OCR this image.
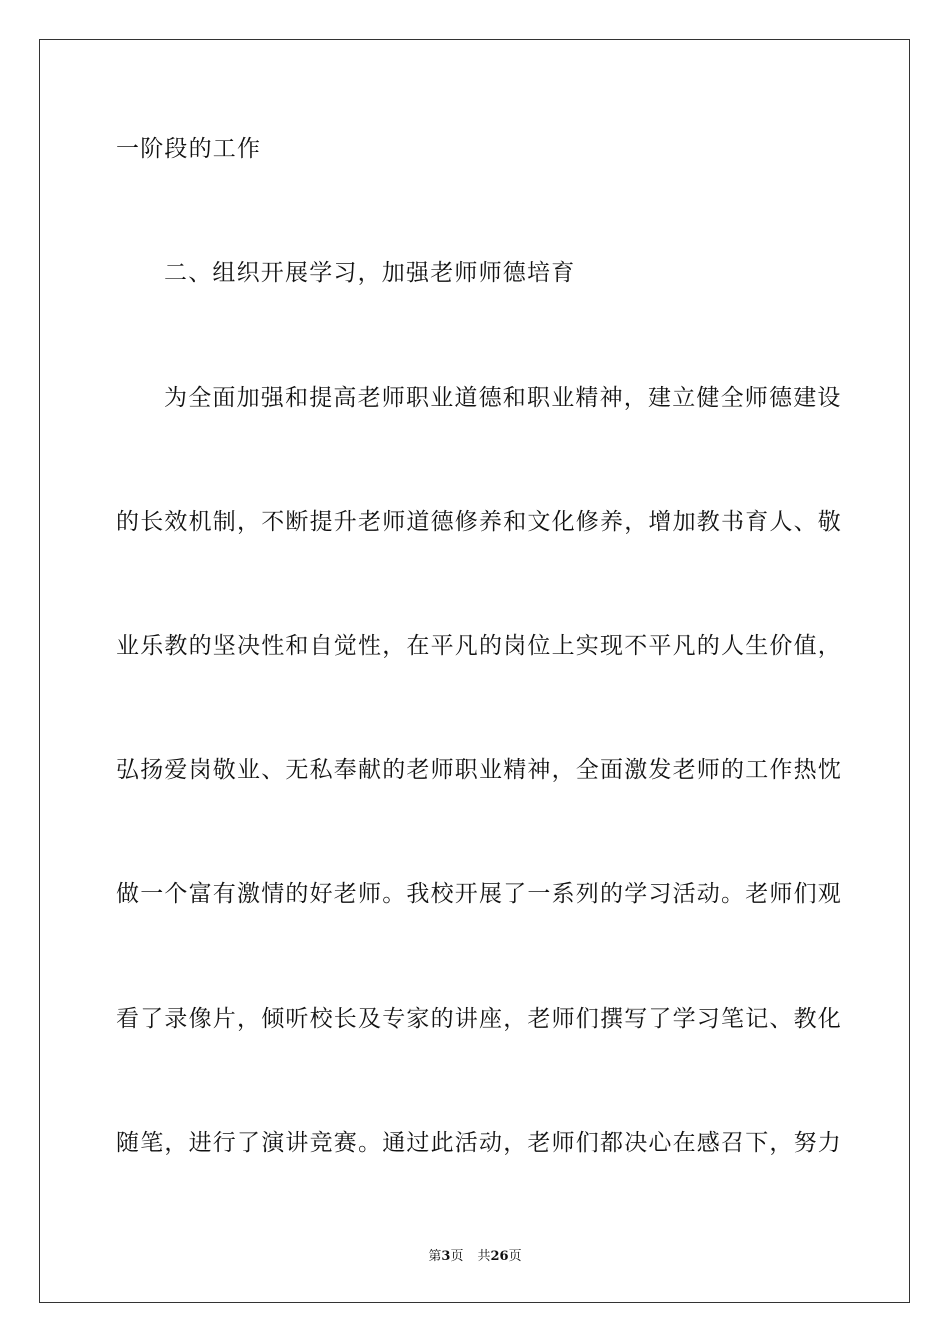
一阶段的工作
二、组织开展学习，加强老师师德培育
为全面加强和提高老师职业道德和职业精神，建立健全师德建设
的长效机制，不断提升老师道德修养和文化修养，增加教书育人、敬
业乐教的坚决性和自觉性，在平凡的岗位上实现不平凡的人生价值，
弘扬爱岗敬业、无私奉献的老师职业精神，全面激发老师的工作热忱
做一个富有激情的好老师。我校开展了一系列的学习活动。老师们观
看了录像片，倾听校长及专家的讲座，老师们撰写了学习笔记、教化
随笔，进行了演讲竞赛。通过此活动，老师们都决心在感召下，努力
第3页 共26页
